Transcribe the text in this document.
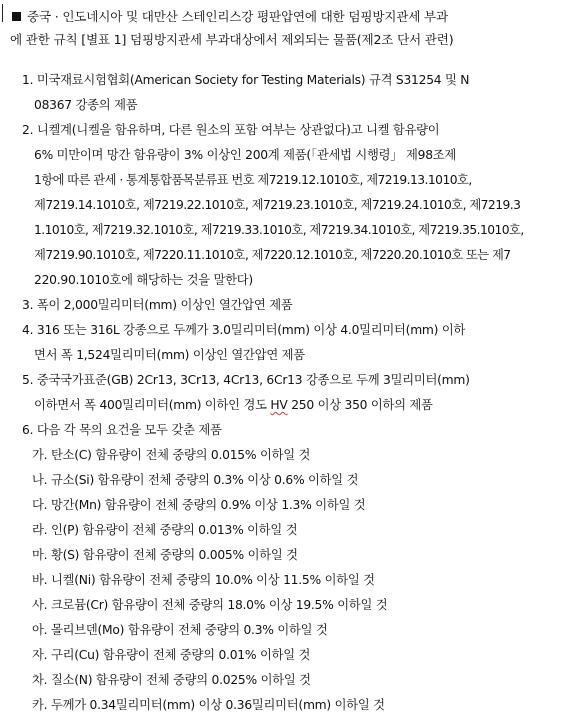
중국 · 인도네시아 및 대만산 스테인리스강 평판압연에 대한 덤핑방지관세 부과
에 관한 규칙 [별표 1] 덤핑방지관세 부과대상에서 제외되는 물품(제2조 단서 관련)
1. 미국재료시험협회(American Society for Testing Materials) 규격 S31254 및 N
08367 강종의 제품
2. 니켈계(니켈을 함유하며, 다른 원소의 포함 여부는 상관없다)고 니켈 함유량이
6% 미만이며 망간 함유량이 3% 이상인 200계 제품(「관세법 시행령」 제98조제
1항에 따른 관세 · 통계통합품목분류표 번호 제7219.12.1010호, 제7219.13.1010호,
제7219.14.1010호, 제7219.22.1010호, 제7219.23.1010호, 제7219.24.1010호, 제7219.3
1.1010호, 제7219.32.1010호, 제7219.33.1010호, 제7219.34.1010호, 제7219.35.1010호,
제7219.90.1010호, 제7220.11.1010호, 제7220.12.1010호, 제7220.20.1010호 또는 제7
220.90.1010호에 해당하는 것을 말한다)
3. 폭이 2,000밀리미터(mm) 이상인 열간압연 제품
4. 316 또는 316L 강종으로 두께가 3.0밀리미터(mm) 이상 4.0밀리미터(mm) 이하
면서 폭 1,524밀리미터(mm) 이상인 열간압연 제품
5. 중국국가표준(GB) 2Cr13, 3Cr13, 4Cr13, 6Cr13 강종으로 두께 3밀리미터(mm)
이하면서 폭 400밀리미터(mm) 이하인 경도 HV 250 이상 350 이하의 제품
6. 다음 각 목의 요건을 모두 갖춘 제품
가. 탄소(C) 함유량이 전체 중량의 0.015% 이하일 것
나. 규소(Si) 함유량이 전체 중량의 0.3% 이상 0.6% 이하일 것
다. 망간(Mn) 함유량이 전체 중량의 0.9% 이상 1.3% 이하일 것
라. 인(P) 함유량이 전체 중량의 0.013% 이하일 것
마. 황(S) 함유량이 전체 중량의 0.005% 이하일 것
바. 니켈(Ni) 함유량이 전체 중량의 10.0% 이상 11.5% 이하일 것
사. 크로뮴(Cr) 함유량이 전체 중량의 18.0% 이상 19.5% 이하일 것
아. 몰리브덴(Mo) 함유량이 전체 중량의 0.3% 이하일 것
자. 구리(Cu) 함유량이 전체 중량의 0.01% 이하일 것
차. 질소(N) 함유량이 전체 중량의 0.025% 이하일 것
카. 두께가 0.34밀리미터(mm) 이상 0.36밀리미터(mm) 이하일 것
